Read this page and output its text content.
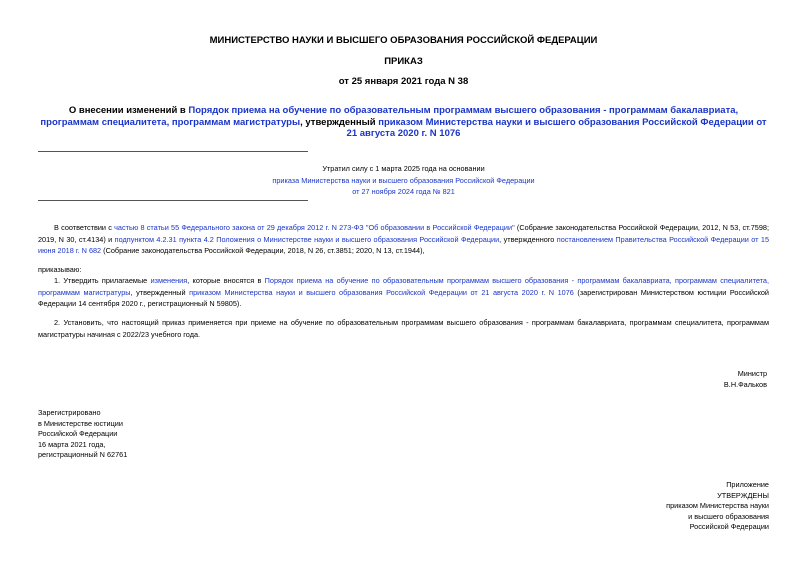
МИНИСТЕРСТВО НАУКИ И ВЫСШЕГО ОБРАЗОВАНИЯ РОССИЙСКОЙ ФЕДЕРАЦИИ
ПРИКАЗ
от 25 января 2021 года N 38
О внесении изменений в Порядок приема на обучение по образовательным программам высшего образования - программам бакалавриата, программам специалитета, программам магистратуры, утвержденный приказом Министерства науки и высшего образования Российской Федерации от 21 августа 2020 г. N 1076
Утратил силу с 1 марта 2025 года на основании
приказа Министерства науки и высшего образования Российской Федерации
от 27 ноября 2024 года № 821
В соответствии с частью 8 статьи 55 Федерального закона от 29 декабря 2012 г. N 273-ФЗ "Об образовании в Российской Федерации" (Собрание законодательства Российской Федерации, 2012, N 53, ст.7598; 2019, N 30, ст.4134) и подпунктом 4.2.31 пункта 4.2 Положения о Министерстве науки и высшего образования Российской Федерации, утвержденного постановлением Правительства Российской Федерации от 15 июня 2018 г. N 682 (Собрание законодательства Российской Федерации, 2018, N 26, ст.3851; 2020, N 13, ст.1944),
приказываю:
1. Утвердить прилагаемые изменения, которые вносятся в Порядок приема на обучение по образовательным программам высшего образования - программам бакалавриата, программам специалитета, программам магистратуры, утвержденный приказом Министерства науки и высшего образования Российской Федерации от 21 августа 2020 г. N 1076 (зарегистрирован Министерством юстиции Российской Федерации 14 сентября 2020 г., регистрационный N 59805).
2. Установить, что настоящий приказ применяется при приеме на обучение по образовательным программам высшего образования - программам бакалавриата, программам специалитета, программам магистратуры начиная с 2022/23 учебного года.
Министр
В.Н.Фальков
Зарегистрировано
в Министерстве юстиции
Российской Федерации
16 марта 2021 года,
регистрационный N 62761
Приложение
УТВЕРЖДЕНЫ
приказом Министерства науки
и высшего образования
Российской Федерации
